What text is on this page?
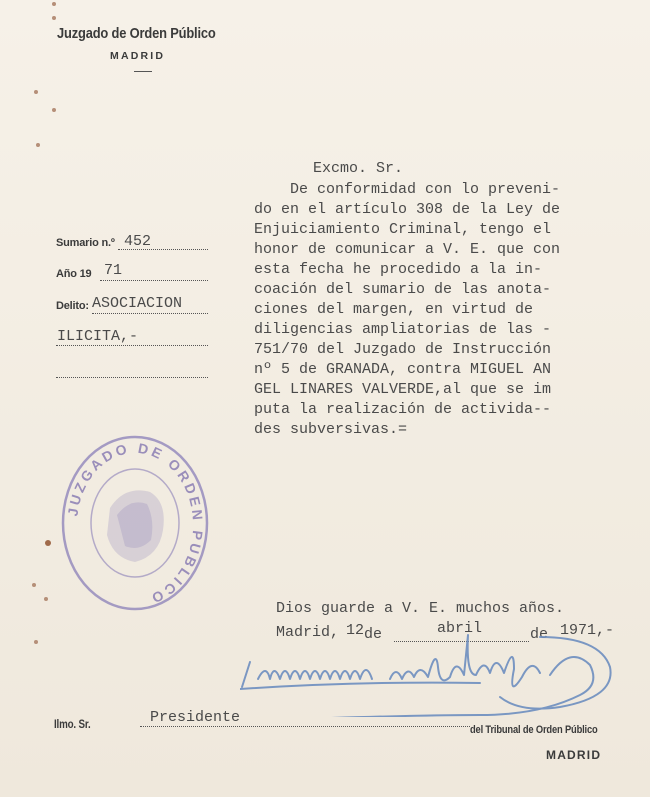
Juzgado de Orden Público
MADRID
Sumario n.º 452
Año 19 71
Delito: ASOCIACION
ILICITA,-
Excmo. Sr.
De conformidad con lo preveni-
do en el artículo 308 de la Ley de
Enjuiciamiento Criminal, tengo el
honor de comunicar a V. E. que con
esta fecha he procedido a la in-
coación del sumario de las anota-
ciones del margen, en virtud de
diligencias ampliatorias de las -
751/70 del Juzgado de Instrucción
nº 5 de GRANADA, contra MIGUEL AN
GEL LINARES VALVERDE,al que se im
puta la realización de activida--
des subversivas.=
JUZGADO DE ORDEN PUBLICO
Dios guarde a V. E. muchos años.
Madrid, 12 de	abril	de 1971,-
Ilmo. Sr.	Presidente
del Tribunal de Orden Público
MADRID
